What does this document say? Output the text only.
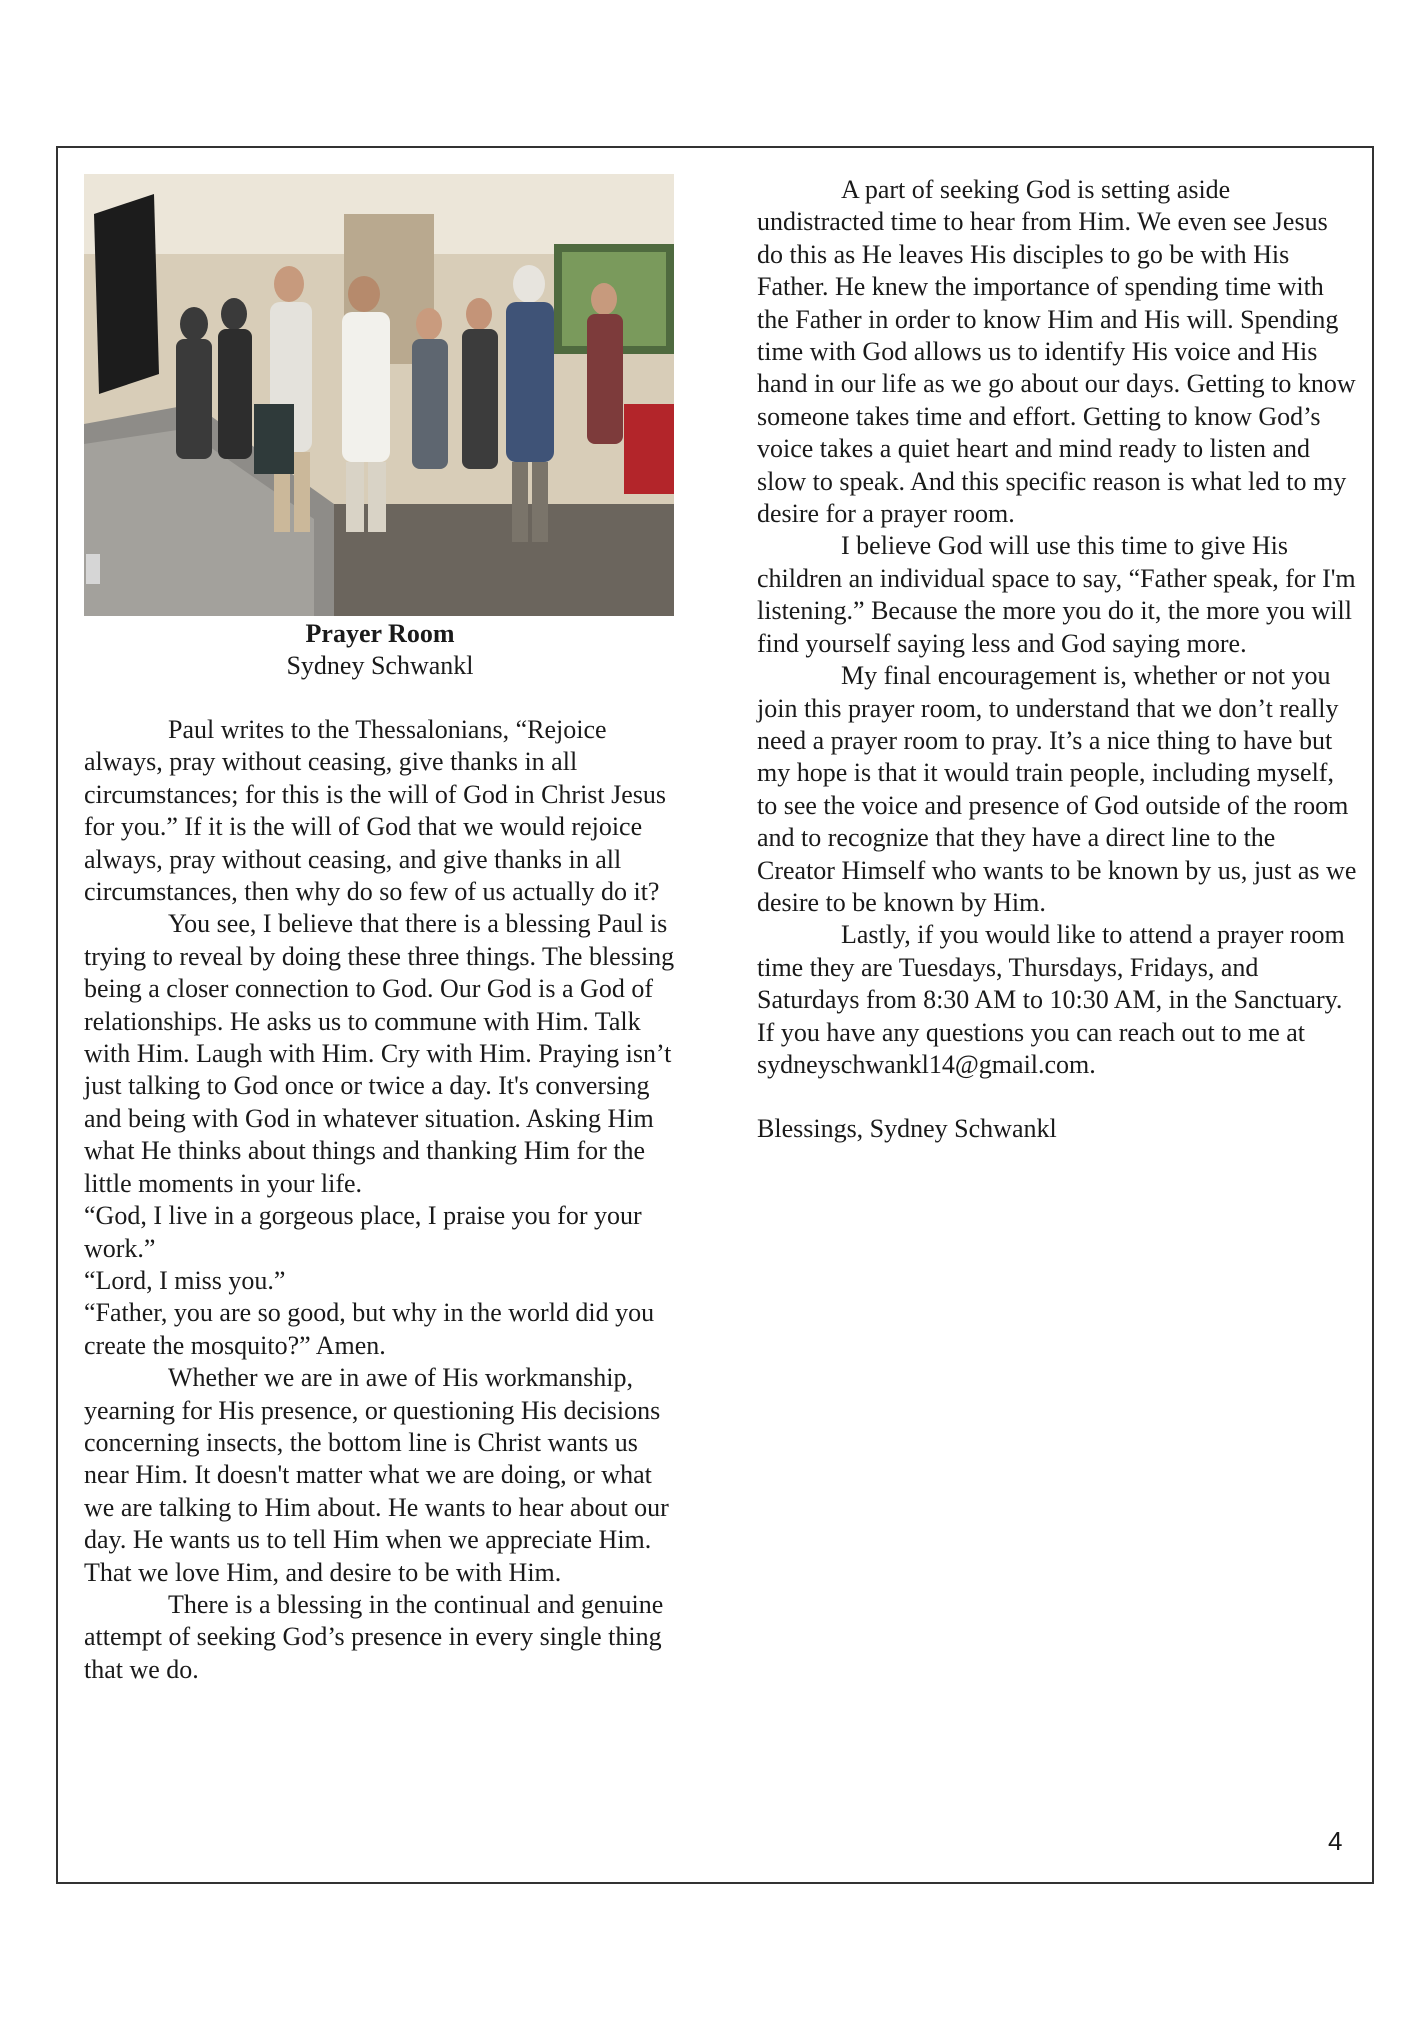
Prayer Room
Sydney Schwankl

Paul writes to the Thessalonians, “Rejoice always, pray without ceasing, give thanks in all circumstances; for this is the will of God in Christ Jesus for you.” If it is the will of God that we would rejoice always, pray without ceasing, and give thanks in all circumstances, then why do so few of us actually do it?

You see, I believe that there is a blessing Paul is trying to reveal by doing these three things. The blessing being a closer connection to God. Our God is a God of relationships. He asks us to commune with Him. Talk with Him. Laugh with Him. Cry with Him. Praying isn’t just talking to God once or twice a day. It's conversing and being with God in whatever situation. Asking Him what He thinks about things and thanking Him for the little moments in your life.

“God, I live in a gorgeous place, I praise you for your work.”

“Lord, I miss you.”

“Father, you are so good, but why in the world did you create the mosquito?” Amen.

Whether we are in awe of His workmanship, yearning for His presence, or questioning His decisions concerning insects, the bottom line is Christ wants us near Him. It doesn't matter what we are doing, or what we are talking to Him about. He wants to hear about our day. He wants us to tell Him when we appreciate Him. That we love Him, and desire to be with Him.

There is a blessing in the continual and genuine attempt of seeking God’s presence in every single thing that we do.

A part of seeking God is setting aside undistracted time to hear from Him. We even see Jesus do this as He leaves His disciples to go be with His Father. He knew the importance of spending time with the Father in order to know Him and His will. Spending time with God allows us to identify His voice and His hand in our life as we go about our days. Getting to know someone takes time and effort. Getting to know God’s voice takes a quiet heart and mind ready to listen and slow to speak. And this specific reason is what led to my desire for a prayer room.

I believe God will use this time to give His children an individual space to say, “Father speak, for I'm listening.” Because the more you do it, the more you will find yourself saying less and God saying more.

My final encouragement is, whether or not you join this prayer room, to understand that we don’t really need a prayer room to pray. It’s a nice thing to have but my hope is that it would train people, including myself, to see the voice and presence of God outside of the room and to recognize that they have a direct line to the Creator Himself who wants to be known by us, just as we desire to be known by Him.

Lastly, if you would like to attend a prayer room time they are Tuesdays, Thursdays, Fridays, and Saturdays from 8:30 AM to 10:30 AM, in the Sanctuary. If you have any questions you can reach out to me at sydneyschwankl14@gmail.com.

Blessings, Sydney Schwankl

4
